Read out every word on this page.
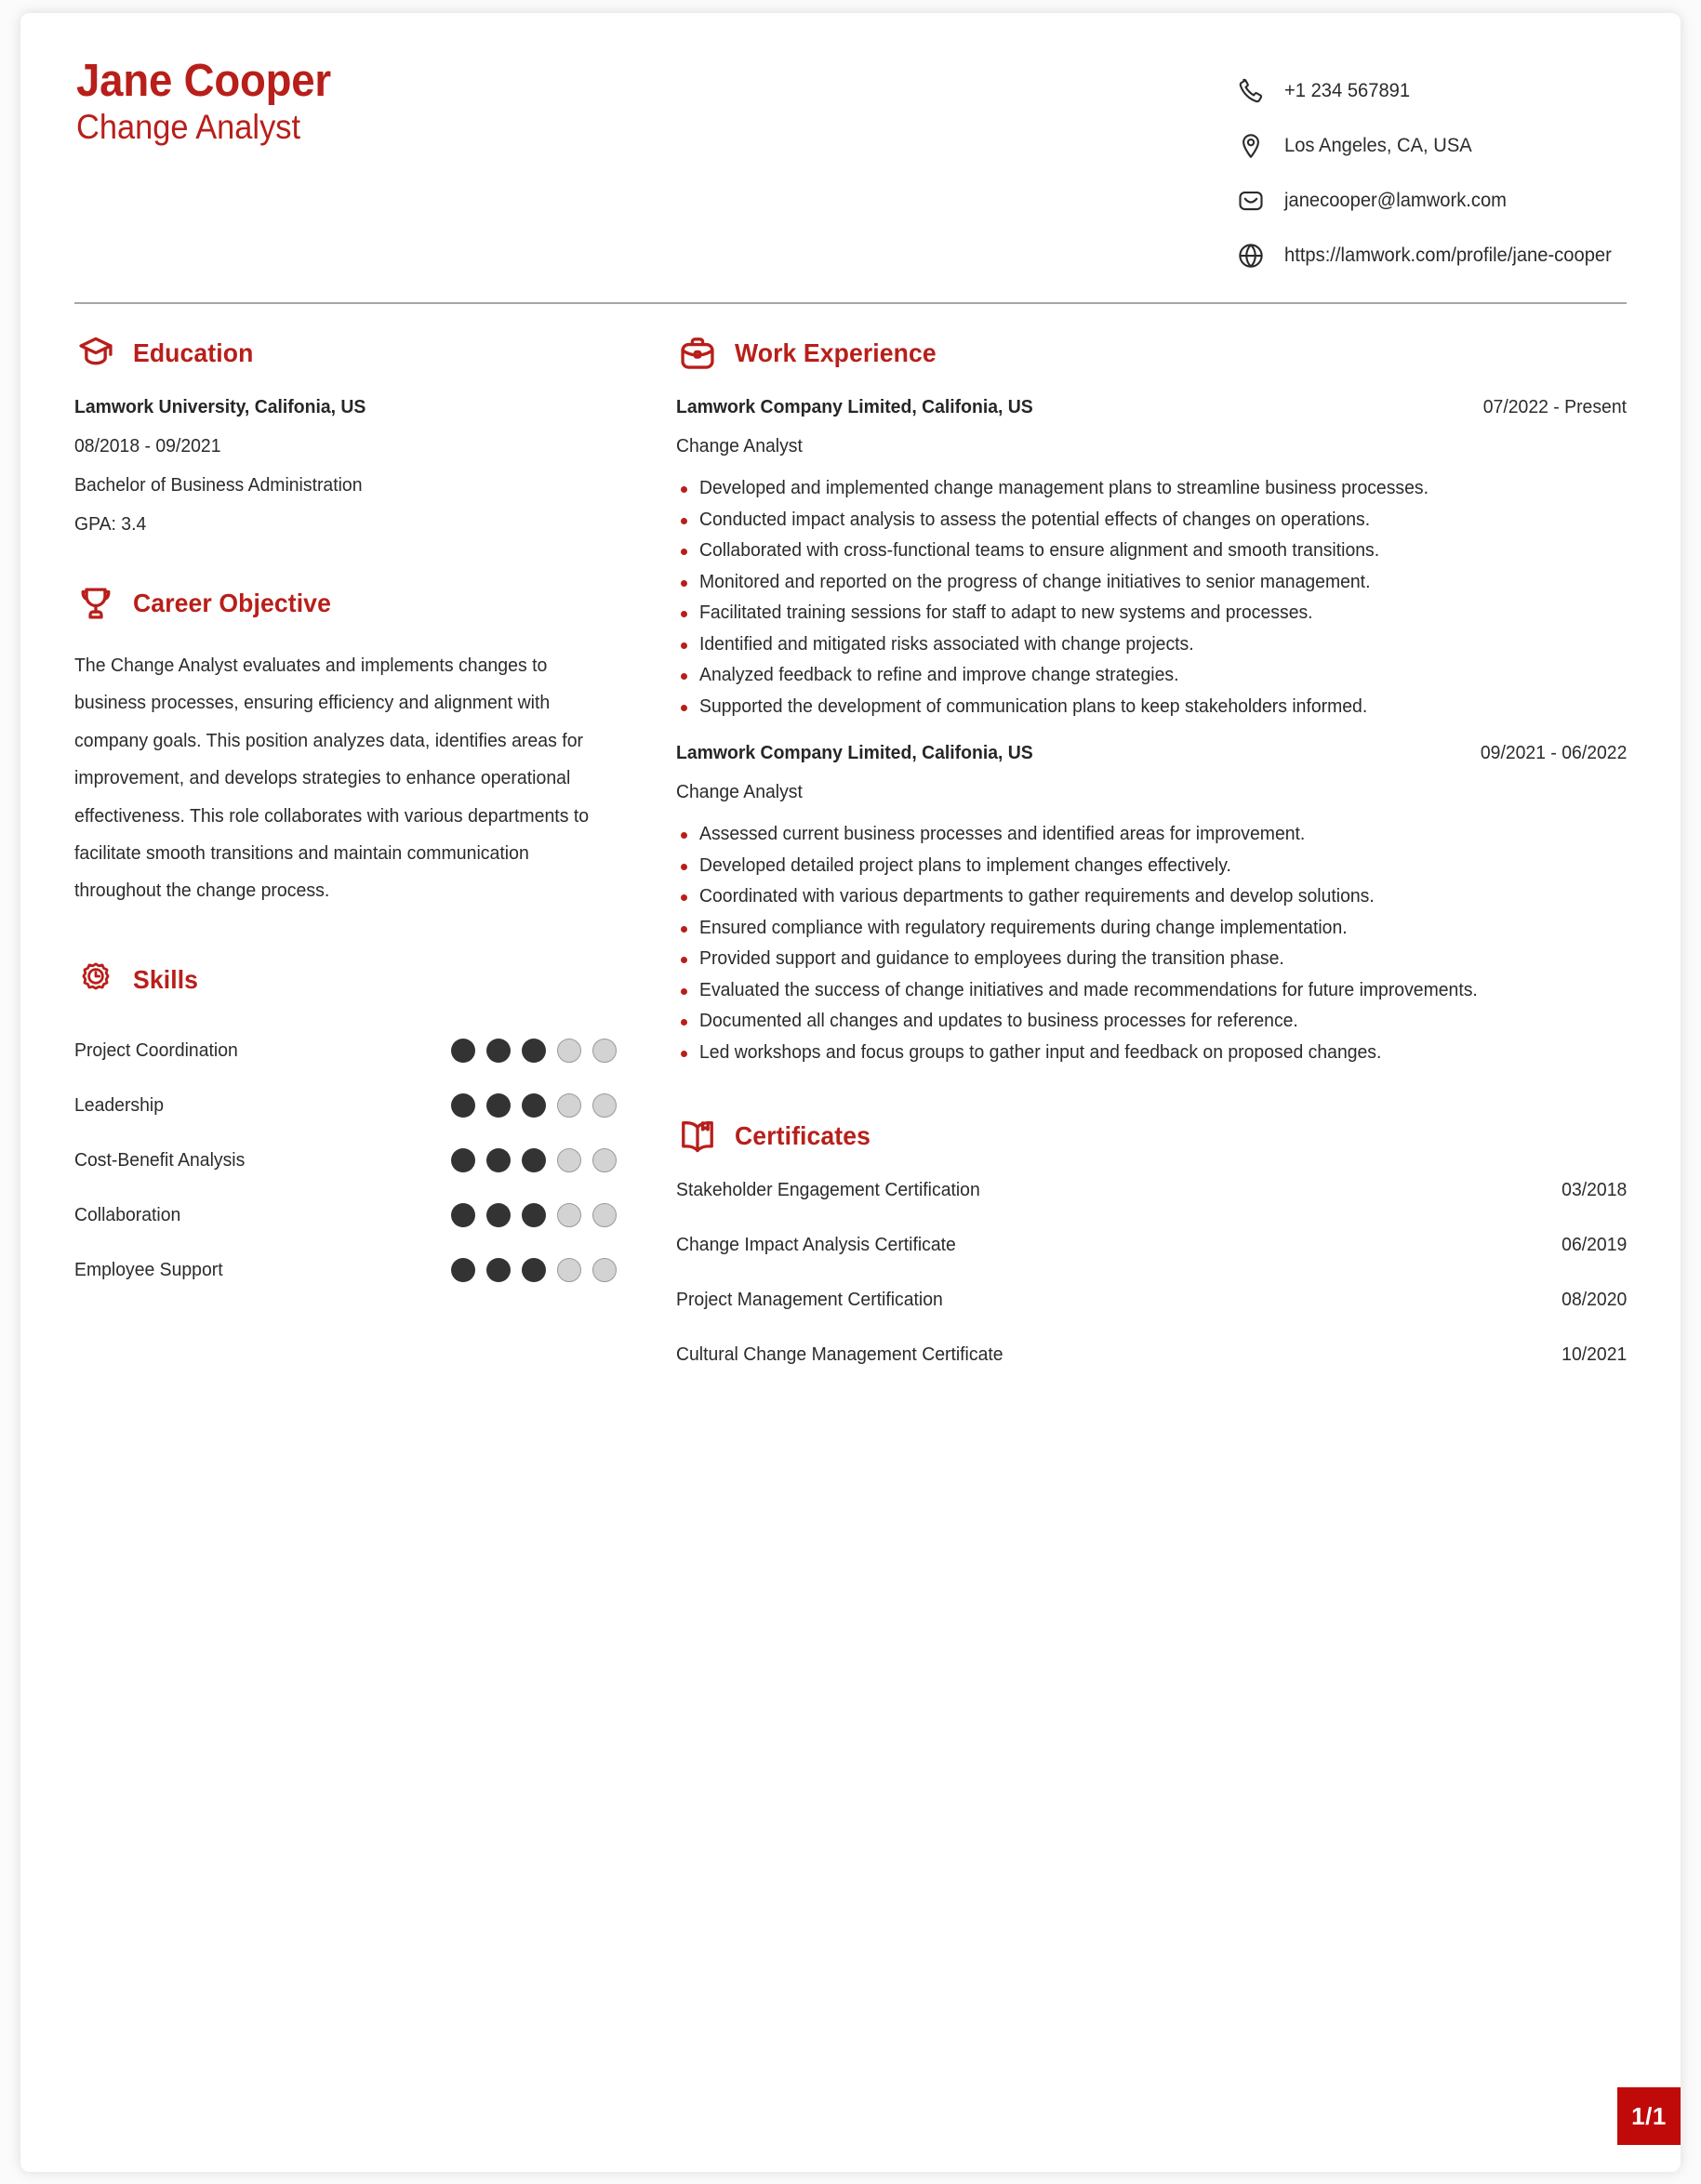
Jane Cooper
Change Analyst
+1 234 567891
Los Angeles, CA, USA
janecooper@lamwork.com
https://lamwork.com/profile/jane-cooper
Education
Lamwork University, Califonia, US
08/2018 - 09/2021
Bachelor of Business Administration
GPA: 3.4
Career Objective
The Change Analyst evaluates and implements changes to business processes, ensuring efficiency and alignment with company goals. This position analyzes data, identifies areas for improvement, and develops strategies to enhance operational effectiveness. This role collaborates with various departments to facilitate smooth transitions and maintain communication throughout the change process.
Skills
Project Coordination
Leadership
Cost-Benefit Analysis
Collaboration
Employee Support
Work Experience
Lamwork Company Limited, Califonia, US	07/2022 - Present
Change Analyst
Developed and implemented change management plans to streamline business processes.
Conducted impact analysis to assess the potential effects of changes on operations.
Collaborated with cross-functional teams to ensure alignment and smooth transitions.
Monitored and reported on the progress of change initiatives to senior management.
Facilitated training sessions for staff to adapt to new systems and processes.
Identified and mitigated risks associated with change projects.
Analyzed feedback to refine and improve change strategies.
Supported the development of communication plans to keep stakeholders informed.
Lamwork Company Limited, Califonia, US	09/2021 - 06/2022
Change Analyst
Assessed current business processes and identified areas for improvement.
Developed detailed project plans to implement changes effectively.
Coordinated with various departments to gather requirements and develop solutions.
Ensured compliance with regulatory requirements during change implementation.
Provided support and guidance to employees during the transition phase.
Evaluated the success of change initiatives and made recommendations for future improvements.
Documented all changes and updates to business processes for reference.
Led workshops and focus groups to gather input and feedback on proposed changes.
Certificates
Stakeholder Engagement Certification	03/2018
Change Impact Analysis Certificate	06/2019
Project Management Certification	08/2020
Cultural Change Management Certificate	10/2021
1/1
